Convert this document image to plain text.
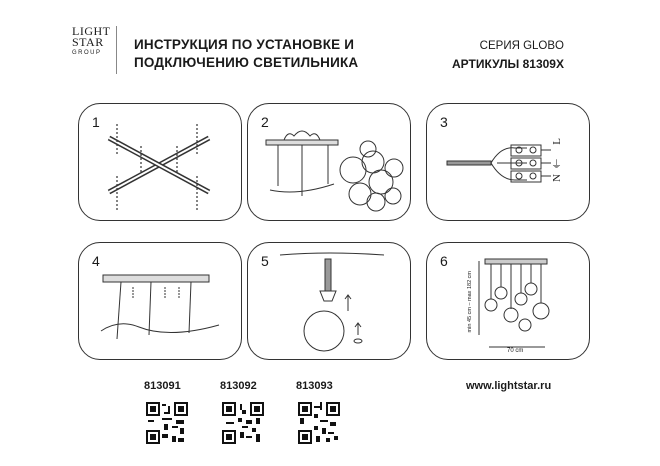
LIGHT
STAR
GROUP
ИНСТРУКЦИЯ ПО УСТАНОВКЕ И
ПОДКЛЮЧЕНИЮ СВЕТИЛЬНИКА
СЕРИЯ GLOBO
АРТИКУЛЫ 81309X
1	2	3
L
⏚
N
4	5	6
min 45 cm – max 182 cm
70 cm
813091	813092	813093	www.lightstar.ru
